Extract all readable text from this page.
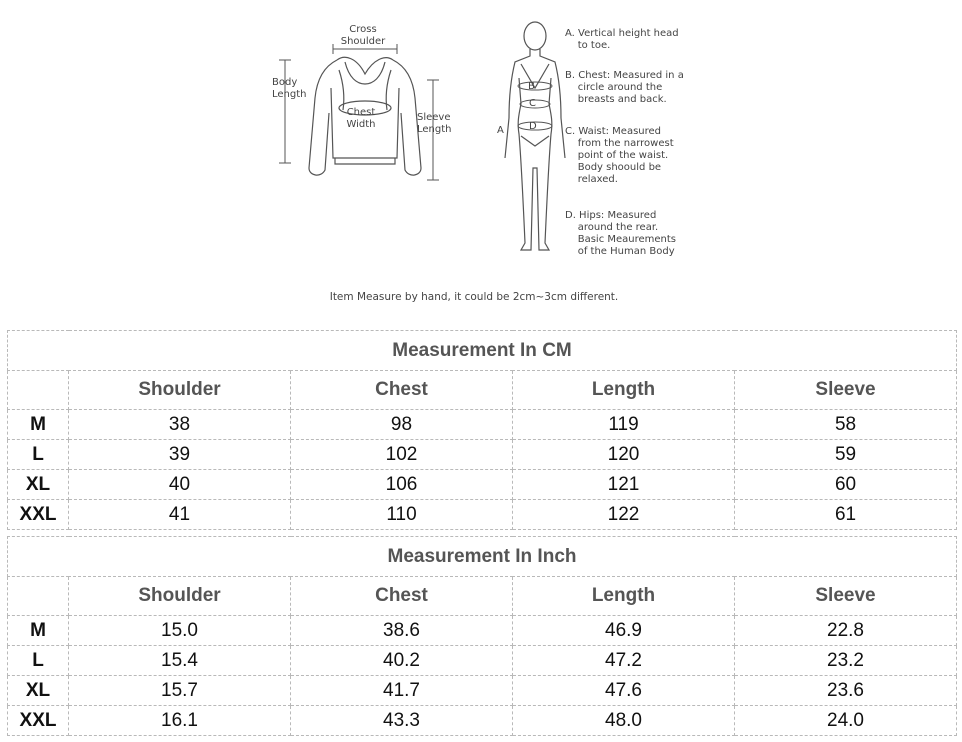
Cross
Shoulder
Body
Length
Chest
Width
Sleeve
Length
B
C
D
A
A. Vertical height head
to toe.
B. Chest: Measured in a
circle around the
breasts and back.
C. Waist: Measured
from the narrowest
point of the waist.
Body shoould be
relaxed.
D. Hips: Measured
around the rear.
Basic Meaurements
of the Human Body
Item Measure by hand, it could be 2cm~3cm different.
Measurement In CM				
	Shoulder	Chest	Length	Sleeve
M	38	98	119	58
L	39	102	120	59
XL	40	106	121	60
XXL	41	110	122	61
Measurement In Inch				
	Shoulder	Chest	Length	Sleeve
M	15.0	38.6	46.9	22.8
L	15.4	40.2	47.2	23.2
XL	15.7	41.7	47.6	23.6
XXL	16.1	43.3	48.0	24.0
